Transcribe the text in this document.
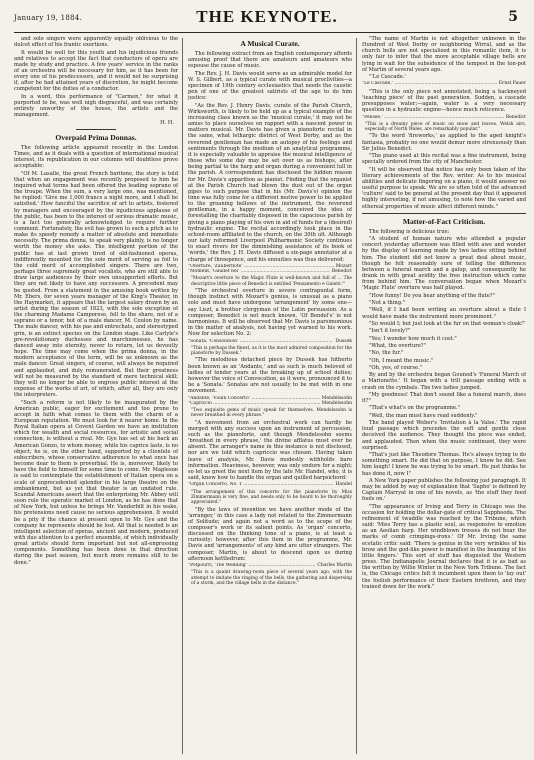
January 19, 1884.	THE KEYNOTE.	5

and solo singers were apparently equally oblivious to the dulcet effect of his frantic exertions.

It would be well for this youth and his injudicious friends and relatives to accept the fact that conductors of opera are made by study and practice. A few years' service in the ranks of an orchestra will be necessary for him, as it has been for every one of his predecessors, and it would not be surprising if, after he had attained years of discretion, he might become competent for the duties of a conductor.

In a word, this performance of "Carmen," for what it purported to be, was well nigh disgraceful, and was certainly entirely unworthy of the house, the artists and the management.

H. H.

Overpaid Prima Donnas.

The following article appeared recently in the London Times, and as it deals with a question of international musical interest, its republication in our columns will doubtless prove acceptable:

"Of M. Lasalle, the great French baritone, the story is told that when an engagement was recently proposed to him he inquired what terms had been offered the leading soprano of the troupe. When the sum, a very large one, was mentioned, he replied: 'Give me 1,000 francs a night more, and I shall be satisfied.' How fanciful the sacrifice of art to artists, fostered by managers and encouraged by the injudicious applause of the public, has been to the interest of serious dramatic music, is a fact too generally acknowledged to require further comment. Fortunately, the evil has grown to such a pitch as to make its speedy remedy a matter of absolute and immediate necessity. The prima donna, to speak very plainly, is no longer worth the money she asks. The intelligent portion of the public has at last grown tired of old-fashioned operas, indifferently mounted for the sole merit of serving as foil to the cold merit of accomplished singers. There are two, perhaps three supremely great vocalists, who are still able to draw large audiences by their own unsupported efforts. But they are not likely to have any successors. A precedent may be quoted. From a statement in the amusing book written by Mr. Ebers, for seven years manager of the King's Theater, in the Haymarket, it appears that the largest salary drawn by an artist during the season of 1823, with the sole exception of the charming Madame Camporese, fell to the share, not of a soprano or a tenor, but of a male dancer, M. Coulon by name. The male dancer, with his pas and entrechats, and stereotyped grin, is an extinct species on the London stage. Like Carlyle's pre-revolutionary duchesses and marchionesses, he has danced away into eternity, never to return, let us devoutly hope. The time may come when the prima donna, in the modern acceptance of the term, will be as unknown as the male dancer. Great singers, of course, will always be required and applauded, and duly remunerated. But their greatness will not be measured by the standard of mere technical skill; they will no longer be able to engross public interest at the expense of the works of art, of which, after all, they are only the interpreters.

"Such a reform is not likely to be inaugurated by the American public, eager for excitement and too prone to accept in faith what comes to them with the charm of a European reputation. We must look for it nearer home. In the Royal Italian opera at Covent Garden we have an institution which for wealth and social resources, for artistic and social connection, is without a rival. Mr. Gye has set at his back an American Gonzo, to whom money, while his caprice lasts, is no object; he is, on the other hand, supported by a clientele of subscribers, whose conservative adherence to what once has become dear to them is proverbial. He is, moreover, likely to have the field to himself for some time to come. Mr. Mapleson is said to contemplate the establishment of Italian opera on a scale of unprecedented splendor in his large theatre on the embankment, but as yet that theater is an undated rule. Scandal Americans assert that the enterprising Mr. Abbey will soon rule the operatic market of London, as he has done that of New York, but unless he brings Mr. Vanderbilt in his wake, his pretensions need cause no serious apprehension. It would be a pity if the chance at present open to Mr. Gye and the company he represents should be lost. All that is needed is an intelligent selection of operas, ancient and modern, produced with due attention to a perfect ensemble, of which individually great artists should form important but not all-engrossing components. Something has been done in that direction during the past season, but much more remains still to be done."

A Musical Curate.

The following extract from an English contemporary affords amusing proof that there are amateurs and amateurs who espouse the cause of music.

The Rev. J. H. Davis would serve as an admirable model for W. S. Gilbert, as a typical curate with musical proclivities—a specimen of 19th century ecclesiastics that needs the caustic pen of one of the greatest satirists of the age to do him justice:

"As the Rev. J. Henry Davis, curate of the Parish Church, Wirksworth, is likely to be held up as a typical example of the increasing class known as the 'musical curate,' it may not be amiss to place ourselves en rapport with a nascent power in matters musical. Mr. Davis has given a pianoforte recital in the same, what lethargic district of West Derby, and as the reverend gentleman has made an autopsy of his feelings and sentiments through the medium of an analytical programme, it is especially valuable to appraise the musical intelligence of those who some day may be set over us as bishops, after being partial to the harp and organ during a convenient lull in the parish. A correspondent has disclosed the hidden reason for Mr. Davis's apparition as pianist. Finding that the organist at the Parish Church had blown the dust out of the organ pipes to such purpose that in his (Mr. Davis's) opinion the time was fully come for a different motive power to be applied to the groaning bellows of the instrument, the reverend gentleman, in a happy moment, conceived the idea of forestalling the charitably disposed in the capacious parish by giving a piano playing of his own in aid of funds for a (desired) hydraulic engine. The recital accordingly took place in the school-room affiliated to the church, on the 30th ult. Although our laity reformed Liverpool Philharmonic Society continues to exact rivers for the diminishing assistance of its book of 'words,' the Rev. J. H. Davis diffused a six-page annotator at a charge of threepence, and his ennuities was thus delivered:

"Overture, 'Zauberflote' .....	Mozart
"Moment, 'Gaudet bei' .....	Benedict

"Mozart's overture to the Magic Flute is well-known and full of ... The descriptive little piece of Benedict is entitled 'Pensamento e Gaieté.'"

"The orchestral overture in severe contrapuntal form, though instinct with Mozart's genius, is unusual as a piano solo and must have undergone 'arrangement' by some one—say Liszt, a brother clergyman of the Latin persuasion. As a composer, Benedict is not much known. 'Of Bendel's' is not harmonious. It will be observed that Mr. Davis is parsimonious in the matter of analysis, not having yet warned to his work. Now for selection No. 2:

"Sonata, 'Consolation' .....	Dussek

"This is perhaps the finest, as it is the most admired composition for the pianoforte by Dussek."

"The melodious detached piece by Dussek has hitherto been known as an 'Andante,' and as such is much beloved of ladies of tender years at the breaking up of school duties; however the voice of Convocation, as it were, pronounced it to be a 'Sonata.' Sonatas are not usually to be met with in one movement.

"Andante, 'Violin Concerto' .....	Mendelssohn
"Capriccio .....	Mendelssohn

"Two exquisite gems of music speak for themselves. Mendelssohn is never breathed in every phrase."

"A movement from an orchestral work can hardly be merged with any success upon an instrument of percussion, such as the pianoforte, and though Mendelssohn seems 'breathed in every phrase,' the divine afflatus must ever be absent. The arranger's name in this instance is not disclosed, nor are we told which capriccio was chosen. Having taken leave of analysis, Mr. Davis modestly withholds bare information. Heaviness, however, was only endure for a night; so let us greet the next item by the late Mr. Handel, who, it is said, knew how to handle the organ and quilled harpsichord:

"Organ Concerto, No. 1 .....	Handel

"The arrangement of this concerto for the pianoforte by Miss Zimmermann is very fine, and needs only to be heard to be thoroughly appreciated."

"By the laws of invention we have another mode of the 'arranger,' in this case a lady not related to the Zimmermann of Solitude; and again not a word as to the scope of the composer's work or its salient points. As 'organ' concerto, discussed on the thinking tone of a piano, is at least a curiosity: however, after this item in the programme, Mr. Davis and 'arrangements' of any kind are utter strangers. The composer, Martin, is about to descend upon us during afternoon kettledrum:

"Potpourri, 'The Wedding' .....	Charles Martin

"This is a quaint drawing-room piece of several years ago, with the attempt to imitate the ringing of the bells, the gathering and dispersing of a storm, and the village bells in the distance."

"The name of Martin is not altogether unknown in the Hundred of West Derby or neighboring Wirral, and as the church bells are not specialized in this romantic item, it is only fair to infer that the more acceptable village bells are lying in wait for the subsidence of the tempest in the ton-pot of Martin of several years ago.

"'Le Cascade.'

"Le Cascade,' .....	Ernst Pauer

"This is the only piece not annotated, being a hackneyed 'teaching piece' of the past generation. Sudden, a cascade presupposes water;—again, water is a very necessary question in a hydraulic engine—hence much reticence.

"Pensée,' .....	Benedict

"This is a dreamy piece of music on snow and leaves. Welsh airs, especially of North Wales, are remarkably popular."

"To the word 'fireworks,' as applied to the aged knight's fantasia, probably no one would demur more strenuously than Sir Julius Benedict.

"The piano used at this recital was a fine instrument, being specially ordered from the city of Manchester.

"It will be observed that notice has only been taken of the literary achievements of the Rev. writer. As to his musical abilities and delicate fingering on a piano, it would answer no useful purpose to speak. We are so often told of the advanced 'culture' said to be general at the present day that it appeared highly interesting, if not amusing, to note how the varied and ethereal properties of music affect different minds."

Matter-of-Fact Criticism.

The following is delicious true:

"A student of human nature who attended a popular concert yesterday afternoon was filled with awe and wonder by the display of learning made by two ladies sitting behind him. The student did not know a great deal about music, though he felt reasonably sure of telling the difference between a funeral march and a galop, and consequently he drank in with great avidity the free instruction which came from behind him. The conversation began when Mozart's 'Magic Flute' overture was half played.

"How funny! Do you hear anything of the flute?"

"Not a thing."

"Well, if I had been writing an overture about a flute I would have made the instrument more prominent."

"So would I; but just look at the fur on that woman's cloak!"

"Isn't it lovely?"

"Yes; I wonder how much it cost."

"What, the overture?"

"No, the fur."

"Oh, I meant the music."

"Oh, yes, of course."

By and by the orchestra began Gounod's 'Funeral March of a Marionette.' It began with a trill passage ending with a crash on the cymbals. The two ladies jumped.

"My goodness! That don't sound like a funeral march, does it?"

"That's what's on the programme."

"Well, the man must have read suddenly."

The band played Weber's 'Invitation à la Valse.' The rapid loud passage which precedes the soft and gentle close deceived the audience. They thought the piece was ended, and applauded. Then when the music continued, they were surprised.

"That's just like Theodore Thomas. He's always trying to do something smart. He did that on purpose, I know he did. See him laugh! I knew he was trying to be smart. He just thinks he has done it, now I"

A New York paper publishes the following just paragraph. It may be added by way of explanation that 'Sapho' is defined by Captain Marryat in one of his novels, as 'the stuff they feed fools on.'

"The appearance of Irving and Terry in Chicago was the occasion for holding the dollar-gate of critical Sapphooda. The refinement of twaddle was reached by the Tribune, which said: 'Miss Terry has a plastic soul, as responsive to emotion as an Aeolian harp. Her windblown tresses do not bear the marks of comb crimpings-irons.' Of Mr. Irving the same ecstatic critic said: 'There is genius in the very wrinkles of his brow and the god-like power is manifest in the beaming of his little fingers.' This sort of stuff has disgusted the Western press. The Indianapolis Journal declares that it is as bad as the written by Willie Winter in the New York Tribune. The fact is, the Chicago critics felt it incumbent upon them to 'lay out' the foolish performance of their Eastern brethren, and they trained down for the work."
